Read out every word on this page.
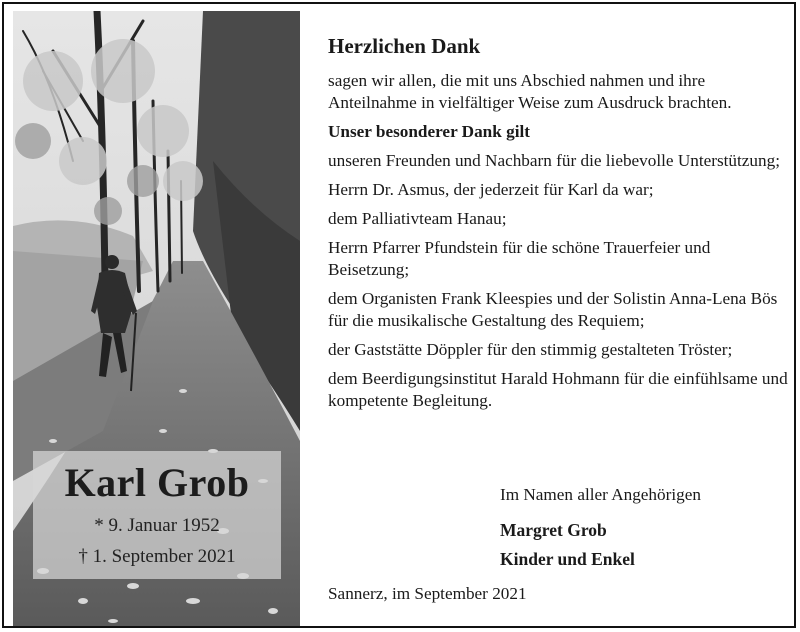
Karl Grob
* 9. Januar 1952
† 1. September 2021
Herzlichen Dank

sagen wir allen, die mit uns Abschied nahmen und ihre Anteilnahme in vielfältiger Weise zum Ausdruck brachten.

Unser besonderer Dank gilt

unseren Freunden und Nachbarn für die liebevolle Unterstützung;

Herrn Dr. Asmus, der jederzeit für Karl da war;

dem Palliativteam Hanau;

Herrn Pfarrer Pfundstein für die schöne Trauerfeier und Beisetzung;

dem Organisten Frank Kleespies und der Solistin Anna-Lena Bös für die musikalische Gestaltung des Requiem;

der Gaststätte Döppler für den stimmig gestalteten Tröster;

dem Beerdigungsinstitut Harald Hohmann für die einfühlsame und kompetente Begleitung.

Im Namen aller Angehörigen
Margret Grob
Kinder und Enkel
Sannerz, im September 2021
